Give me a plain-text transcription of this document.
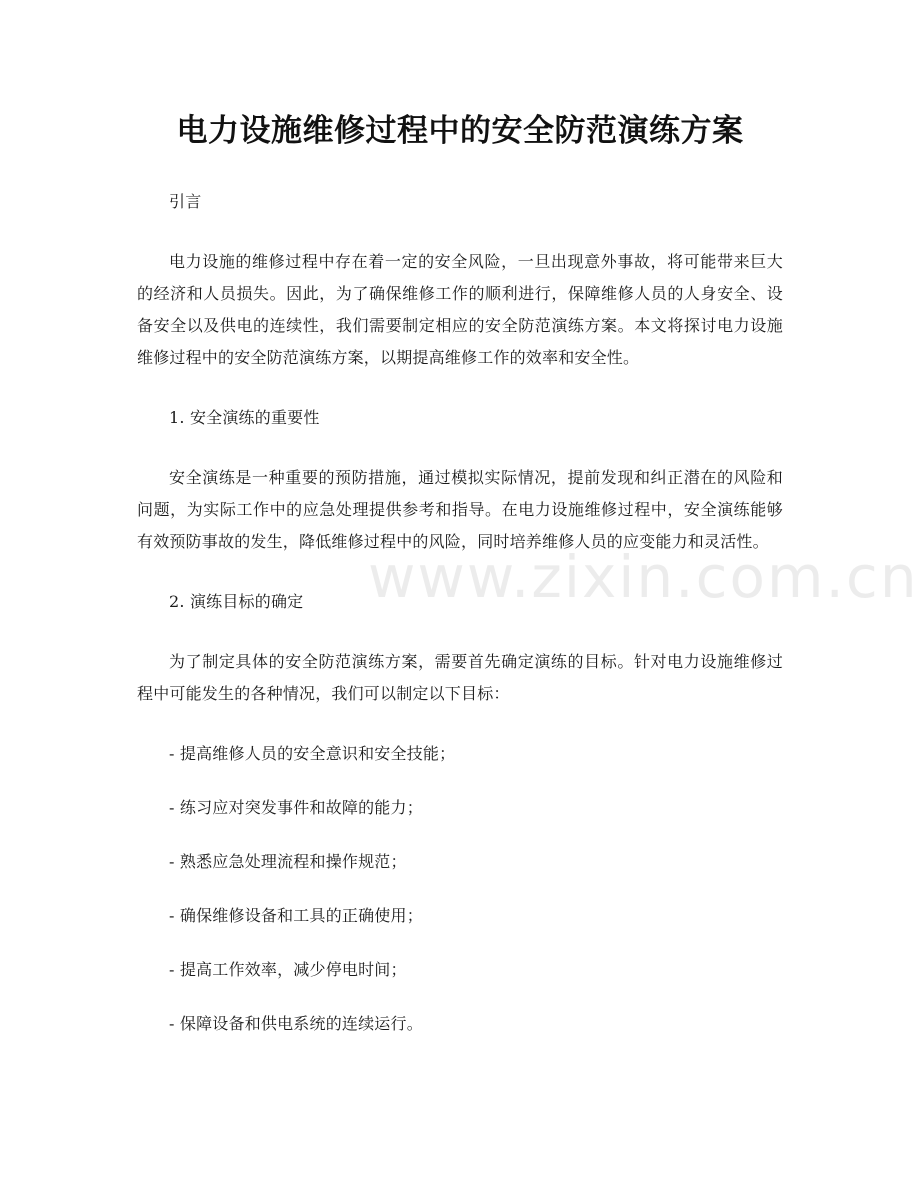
电力设施维修过程中的安全防范演练方案

引言

电力设施的维修过程中存在着一定的安全风险，一旦出现意外事故，将可能带来巨大的经济和人员损失。因此，为了确保维修工作的顺利进行，保障维修人员的人身安全、设备安全以及供电的连续性，我们需要制定相应的安全防范演练方案。本文将探讨电力设施维修过程中的安全防范演练方案，以期提高维修工作的效率和安全性。

1. 安全演练的重要性

安全演练是一种重要的预防措施，通过模拟实际情况，提前发现和纠正潜在的风险和问题，为实际工作中的应急处理提供参考和指导。在电力设施维修过程中，安全演练能够有效预防事故的发生，降低维修过程中的风险，同时培养维修人员的应变能力和灵活性。

2. 演练目标的确定

为了制定具体的安全防范演练方案，需要首先确定演练的目标。针对电力设施维修过程中可能发生的各种情况，我们可以制定以下目标：

- 提高维修人员的安全意识和安全技能；

- 练习应对突发事件和故障的能力；

- 熟悉应急处理流程和操作规范；

- 确保维修设备和工具的正确使用；

- 提高工作效率，减少停电时间；

- 保障设备和供电系统的连续运行。

www.zixin.com.cn
